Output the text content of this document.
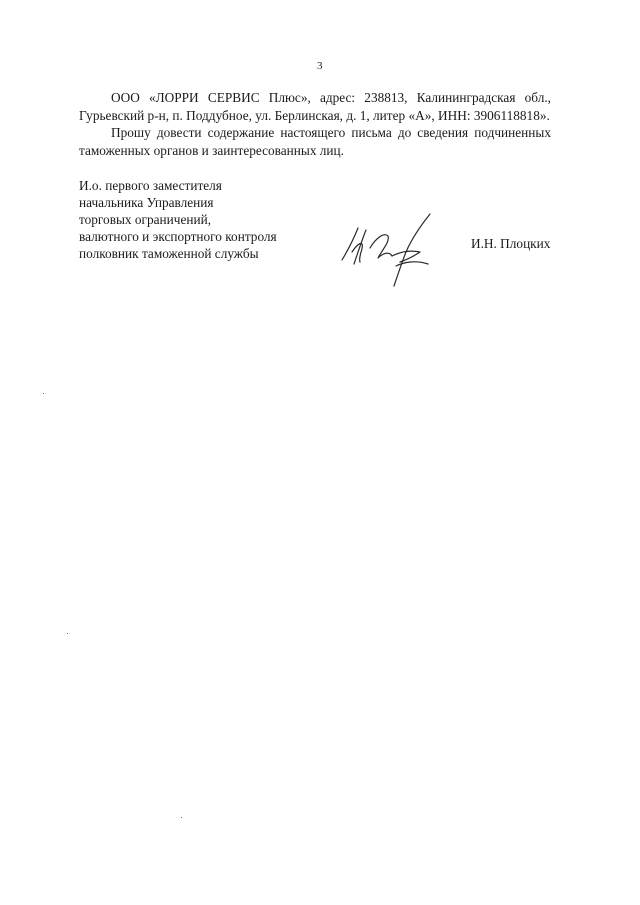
3

ООО «ЛОРРИ СЕРВИС Плюс», адрес: 238813, Калининградская обл., Гурьевский р-н, п. Поддубное, ул. Берлинская, д. 1, литер «А», ИНН: 3906118818».

Прошу довести содержание настоящего письма до сведения подчиненных таможенных органов и заинтересованных лиц.

И.о. первого заместителя
начальника Управления
торговых ограничений,
валютного и экспортного контроля
полковник таможенной службы
И.Н. Плоцких
